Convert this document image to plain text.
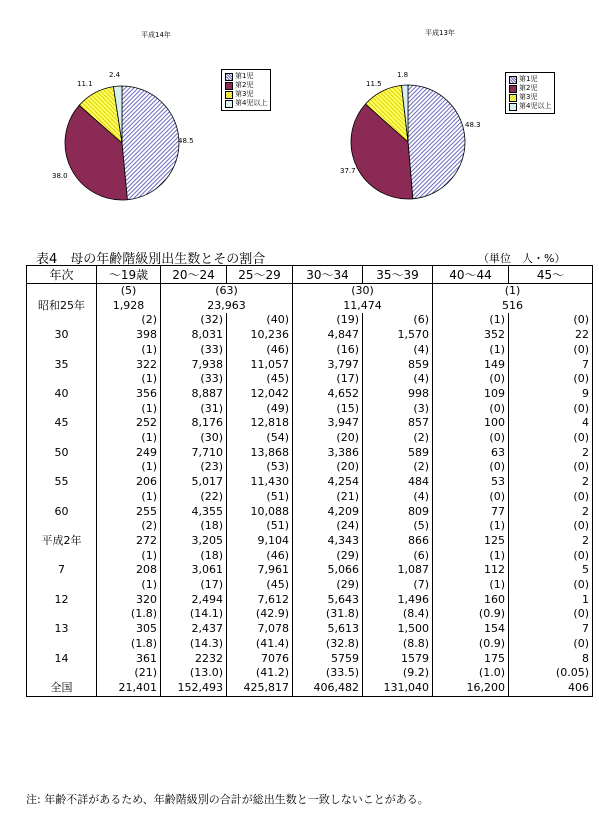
平成14年
48.5
38.0
11.1
2.4	第1児
第2児
第3児
第4児以上
平成13年
48.3
37.7
11.5
1.8	第1児
第2児
第3児
第4児以上
表4　母の年齢階級別出生数とその割合	（単位　人・%）
年次	～19歳	20～24	25～29	30～34	35～39	40～44	45～
	(5)	(63)		(30)		(1)	
昭和25年	1,928	23,963		11,474		516	
	(2)	(32)	(40)	(19)	(6)	(1)	(0)
30	398	8,031	10,236	4,847	1,570	352	22
	(1)	(33)	(46)	(16)	(4)	(1)	(0)
35	322	7,938	11,057	3,797	859	149	7
	(1)	(33)	(45)	(17)	(4)	(0)	(0)
40	356	8,887	12,042	4,652	998	109	9
	(1)	(31)	(49)	(15)	(3)	(0)	(0)
45	252	8,176	12,818	3,947	857	100	4
	(1)	(30)	(54)	(20)	(2)	(0)	(0)
50	249	7,710	13,868	3,386	589	63	2
	(1)	(23)	(53)	(20)	(2)	(0)	(0)
55	206	5,017	11,430	4,254	484	53	2
	(1)	(22)	(51)	(21)	(4)	(0)	(0)
60	255	4,355	10,088	4,209	809	77	2
	(2)	(18)	(51)	(24)	(5)	(1)	(0)
平成2年	272	3,205	9,104	4,343	866	125	2
	(1)	(18)	(46)	(29)	(6)	(1)	(0)
7	208	3,061	7,961	5,066	1,087	112	5
	(1)	(17)	(45)	(29)	(7)	(1)	(0)
12	320	2,494	7,612	5,643	1,496	160	1
	(1.8)	(14.1)	(42.9)	(31.8)	(8.4)	(0.9)	(0)
13	305	2,437	7,078	5,613	1,500	154	7
	(1.8)	(14.3)	(41.4)	(32.8)	(8.8)	(0.9)	(0)
14	361	2232	7076	5759	1579	175	8
	(21)	(13.0)	(41.2)	(33.5)	(9.2)	(1.0)	(0.05)
全国	21,401	152,493	425,817	406,482	131,040	16,200	406
注: 年齢不詳があるため、年齢階級別の合計が総出生数と一致しないことがある。
